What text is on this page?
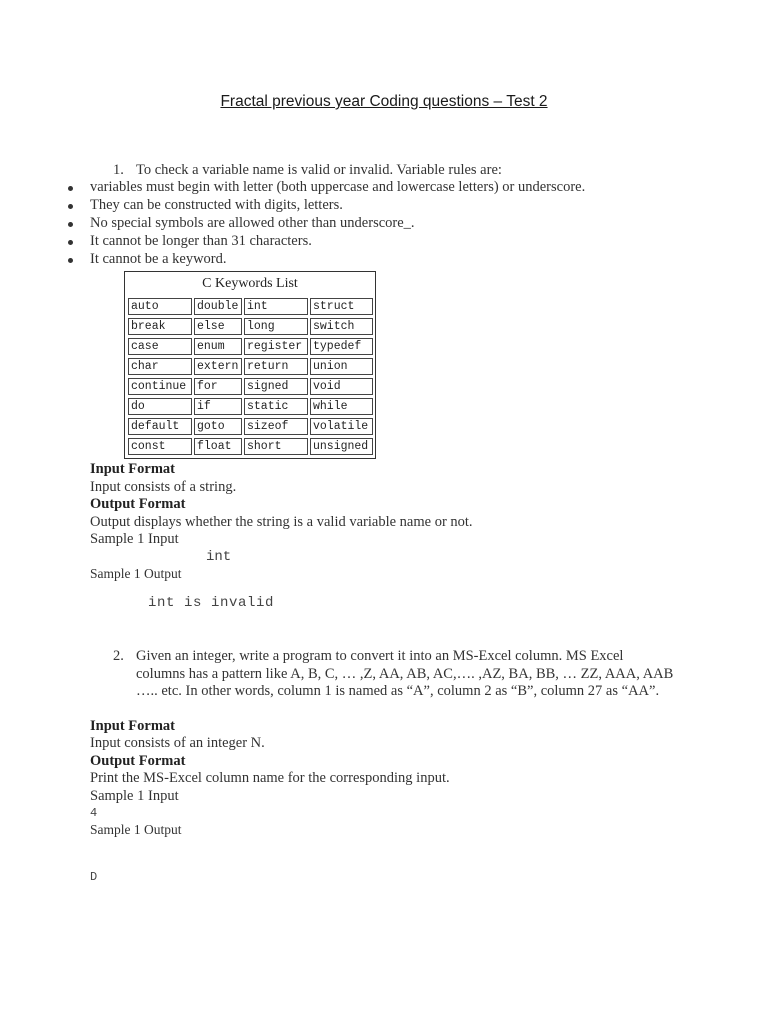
Fractal previous year Coding questions – Test 2
1. To check a variable name is valid or invalid. Variable rules are:
variables must begin with letter (both uppercase and lowercase letters) or underscore.
They can be constructed with digits, letters.
No special symbols are allowed other than underscore_.
It cannot be longer than 31 characters.
It cannot be a keyword.
C Keywords List
auto	double int	struct
break	else	long	switch
case	enum	register typedef
char	extern return	union
continue for	signed	void
do	if	static	while
default	goto	sizeof	volatile
const	float	short	unsigned
Input Format
Input consists of a string.
Output Format
Output displays whether the string is a valid variable name or not.
Sample 1 Input
int
Sample 1 Output
int is invalid
2. Given an integer, write a program to convert it into an MS-Excel column. MS Excel columns has a pattern like A, B, C, … ,Z, AA, AB, AC,…. ,AZ, BA, BB, … ZZ, AAA, AAB ….. etc. In other words, column 1 is named as “A”, column 2 as “B”, column 27 as “AA”.
Input Format
Input consists of an integer N.
Output Format
Print the MS-Excel column name for the corresponding input.
Sample 1 Input
4
Sample 1 Output
D
